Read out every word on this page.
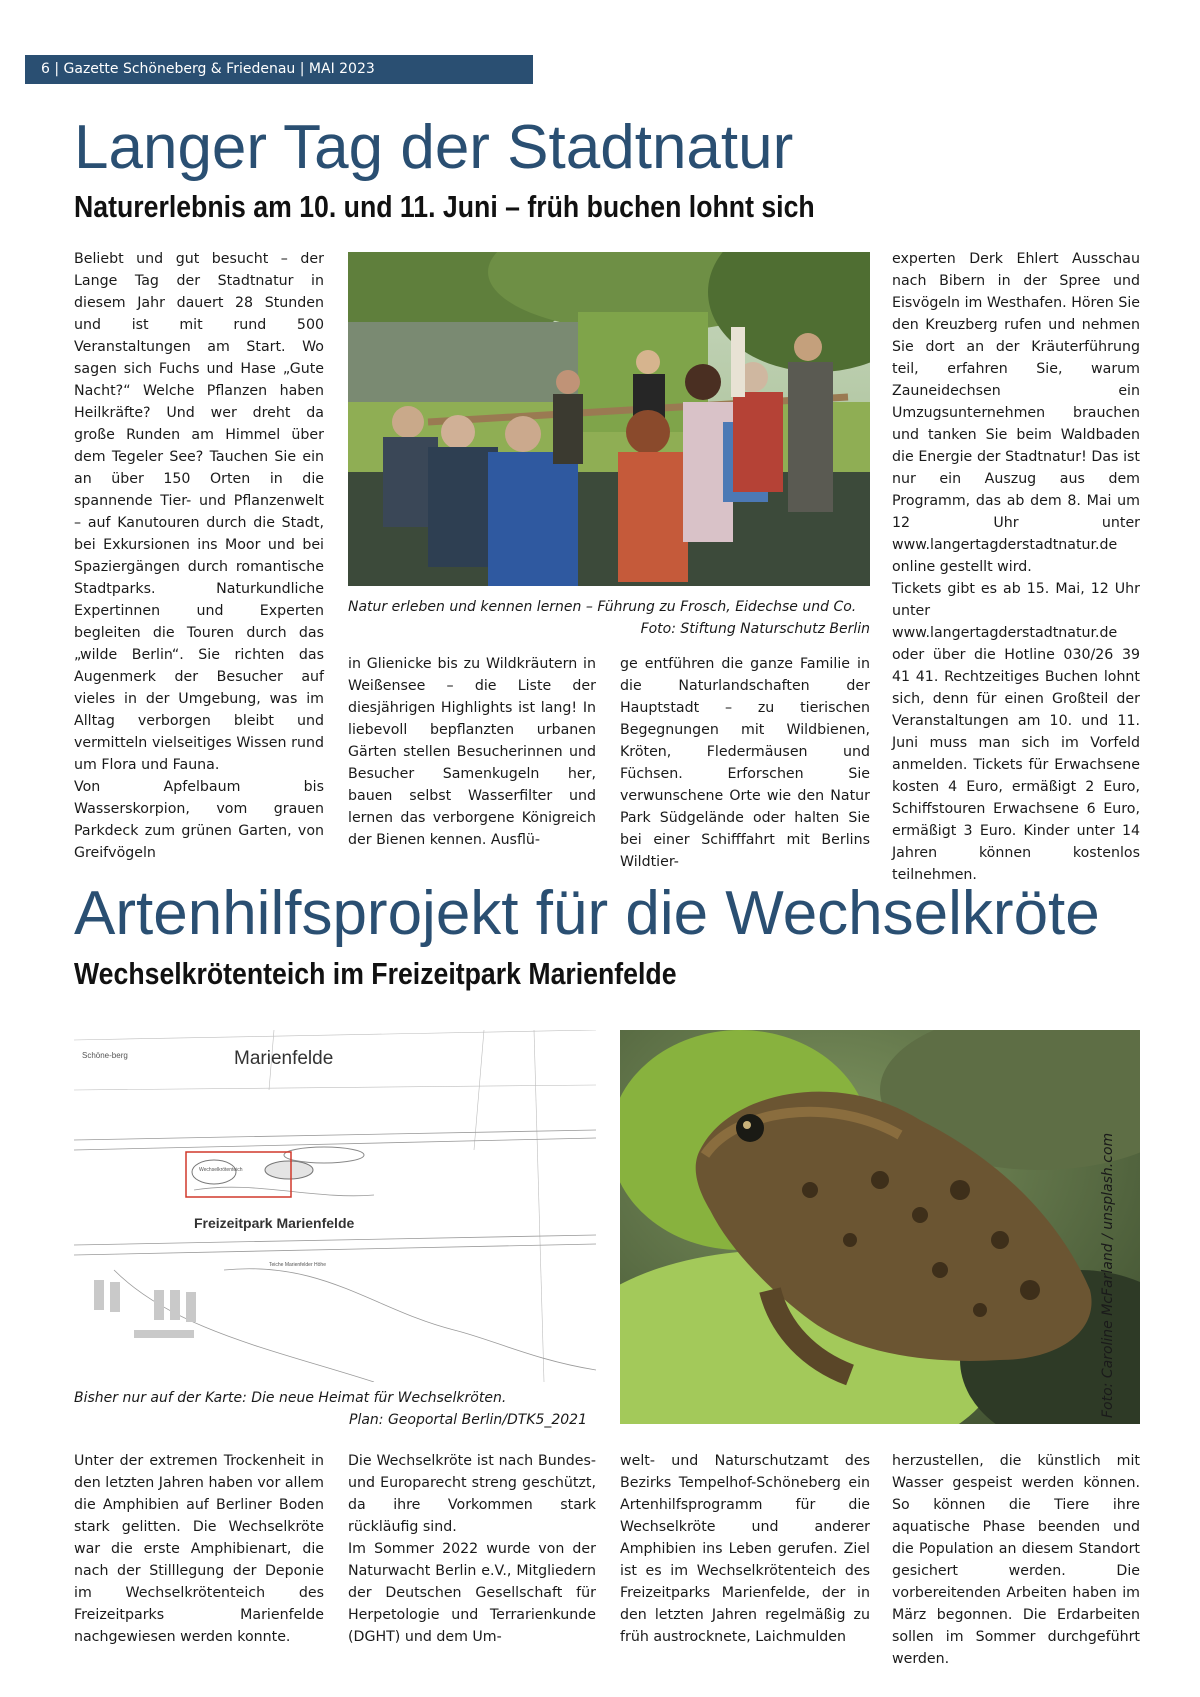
6 | Gazette Schöneberg & Friedenau | MAI 2023
Langer Tag der Stadtnatur
Naturerlebnis am 10. und 11. Juni – früh buchen lohnt sich

Beliebt und gut besucht – der Lange Tag der Stadtnatur in diesem Jahr dauert 28 Stunden und ist mit rund 500 Veranstaltungen am Start. Wo sagen sich Fuchs und Hase „Gute Nacht?“ Welche Pflanzen haben Heilkräfte? Und wer dreht da große Runden am Himmel über dem Tegeler See? Tauchen Sie ein an über 150 Orten in die spannende Tier- und Pflanzenwelt – auf Kanutouren durch die Stadt, bei Exkursionen ins Moor und bei Spaziergängen durch romantische Stadtparks. Naturkundliche Expertinnen und Experten begleiten die Touren durch das „wilde Berlin“. Sie richten das Augenmerk der Besucher auf vieles in der Umgebung, was im Alltag verborgen bleibt und vermitteln vielseitiges Wissen rund um Flora und Fauna.

Von Apfelbaum bis Wasserskorpion, vom grauen Parkdeck zum grünen Garten, von Greifvögeln

Natur erleben und kennen lernen – Führung zu Frosch, Eidechse und Co.
Foto: Stiftung Naturschutz Berlin

in Glienicke bis zu Wildkräutern in Weißensee – die Liste der diesjährigen Highlights ist lang! In liebevoll bepflanzten urbanen Gärten stellen Besucherinnen und Besucher Samenkugeln her, bauen selbst Wasserfilter und lernen das verborgene Königreich der Bienen kennen. Ausflü-

ge entführen die ganze Familie in die Naturlandschaften der Hauptstadt – zu tierischen Begegnungen mit Wildbienen, Kröten, Fledermäusen und Füchsen. Erforschen Sie verwunschene Orte wie den Natur Park Südgelände oder halten Sie bei einer Schifffahrt mit Berlins Wildtier-

experten Derk Ehlert Ausschau nach Bibern in der Spree und Eisvögeln im Westhafen. Hören Sie den Kreuzberg rufen und nehmen Sie dort an der Kräuterführung teil, erfahren Sie, warum Zauneidechsen ein Umzugsunternehmen brauchen und tanken Sie beim Waldbaden die Energie der Stadtnatur! Das ist nur ein Auszug aus dem Programm, das ab dem 8. Mai um 12 Uhr unter www.langertagderstadtnatur.de online gestellt wird.

Tickets gibt es ab 15. Mai, 12 Uhr unter www.langertagderstadtnatur.de oder über die Hotline 030/26 39 41 41. Rechtzeitiges Buchen lohnt sich, denn für einen Großteil der Veranstaltungen am 10. und 11. Juni muss man sich im Vorfeld anmelden. Tickets für Erwachsene kosten 4 Euro, ermäßigt 2 Euro, Schiffstouren Erwachsene 6 Euro, ermäßigt 3 Euro. Kinder unter 14 Jahren können kostenlos teilnehmen.

Artenhilfsprojekt für die Wechselkröte
Wechselkrötenteich im Freizeitpark Marienfelde
Marienfelde
Freizeitpark Marienfelde
Schöne-berg
Wechselkrötenteich
Teiche Marienfelder Höhe
Bisher nur auf der Karte: Die neue Heimat für Wechselkröten.
Plan: Geoportal Berlin/DTK5_2021
Foto: Caroline McFarland / unsplash.com

Unter der extremen Trockenheit in den letzten Jahren haben vor allem die Amphibien auf Berliner Boden stark gelitten. Die Wechselkröte war die erste Amphibienart, die nach der Stilllegung der Deponie im Wechselkrötenteich des Freizeitparks Marienfelde nachgewiesen werden konnte.

Die Wechselkröte ist nach Bundes- und Europarecht streng geschützt, da ihre Vorkommen stark rückläufig sind.

Im Sommer 2022 wurde von der Naturwacht Berlin e.V., Mitgliedern der Deutschen Gesellschaft für Herpetologie und Terrarienkunde (DGHT) und dem Um-

welt- und Naturschutzamt des Bezirks Tempelhof-Schöneberg ein Artenhilfsprogramm für die Wechselkröte und anderer Amphibien ins Leben gerufen. Ziel ist es im Wechselkrötenteich des Freizeitparks Marienfelde, der in den letzten Jahren regelmäßig zu früh austrocknete, Laichmulden

herzustellen, die künstlich mit Wasser gespeist werden können. So können die Tiere ihre aquatische Phase beenden und die Population an diesem Standort gesichert werden. Die vorbereitenden Arbeiten haben im März begonnen. Die Erdarbeiten sollen im Sommer durchgeführt werden.
